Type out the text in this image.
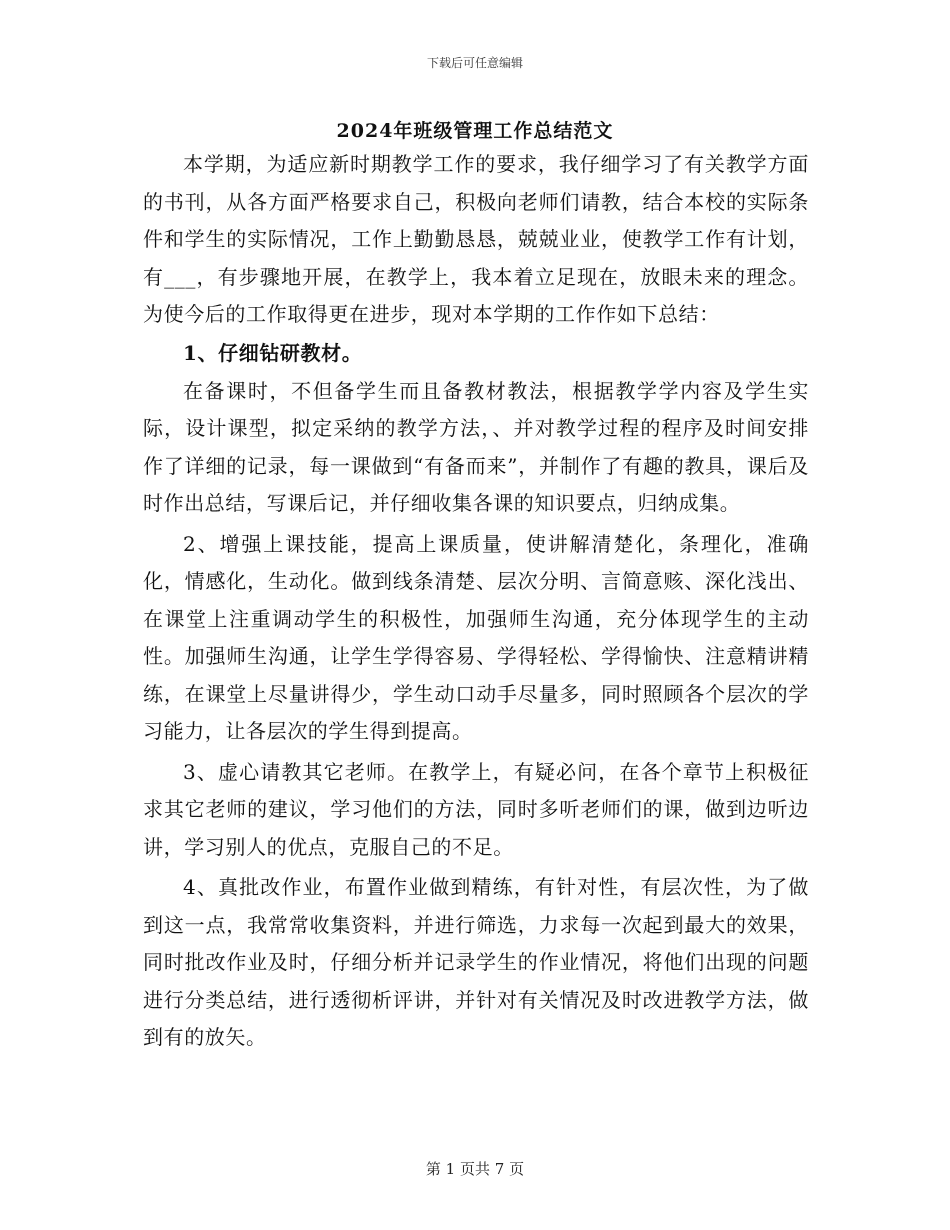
下载后可任意编辑
2024年班级管理工作总结范文

本学期，为适应新时期教学工作的要求，我仔细学习了有关教学方面的书刊，从各方面严格要求自己，积极向老师们请教，结合本校的实际条件和学生的实际情况，工作上勤勤恳恳，兢兢业业，使教学工作有计划，有___，有步骤地开展，在教学上，我本着立足现在，放眼未来的理念。为使今后的工作取得更在进步，现对本学期的工作作如下总结：

1、仔细钻研教材。

在备课时，不但备学生而且备教材教法，根据教学学内容及学生实际，设计课型，拟定采纳的教学方法，、并对教学过程的程序及时间安排作了详细的记录，每一课做到“有备而来”，并制作了有趣的教具，课后及时作出总结，写课后记，并仔细收集各课的知识要点，归纳成集。

2、增强上课技能，提高上课质量，使讲解清楚化，条理化，准确化，情感化，生动化。做到线条清楚、层次分明、言简意赅、深化浅出、在课堂上注重调动学生的积极性，加强师生沟通，充分体现学生的主动性。加强师生沟通，让学生学得容易、学得轻松、学得愉快、注意精讲精练，在课堂上尽量讲得少，学生动口动手尽量多，同时照顾各个层次的学习能力，让各层次的学生得到提高。

3、虚心请教其它老师。在教学上，有疑必问，在各个章节上积极征求其它老师的建议，学习他们的方法，同时多听老师们的课，做到边听边讲，学习别人的优点，克服自己的不足。

4、真批改作业，布置作业做到精练，有针对性，有层次性，为了做到这一点，我常常收集资料，并进行筛选，力求每一次起到最大的效果，同时批改作业及时，仔细分析并记录学生的作业情况，将他们出现的问题进行分类总结，进行透彻析评讲，并针对有关情况及时改进教学方法，做到有的放矢。

第 1 页共 7 页
